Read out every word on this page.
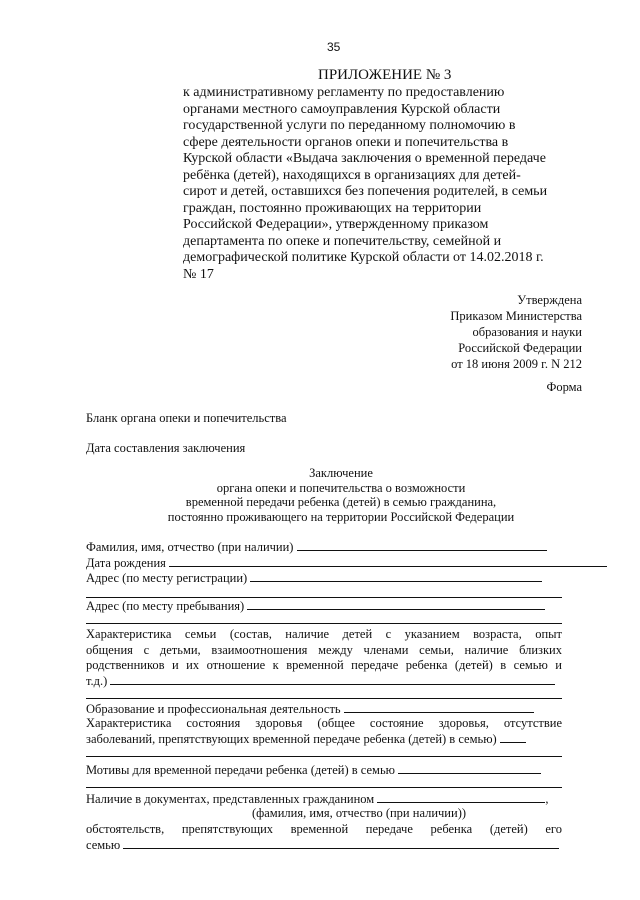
35
ПРИЛОЖЕНИЕ № 3
к административному регламенту по предоставлению
органами местного самоуправления Курской области
государственной услуги по переданному полномочию в
сфере деятельности органов опеки и попечительства в
Курской области «Выдача заключения о временной передаче
ребёнка (детей), находящихся в организациях для детей-
сирот и детей, оставшихся без попечения родителей, в семьи
граждан, постоянно проживающих на территории
Российской Федерации», утвержденному приказом
департамента по опеке и попечительству, семейной и
демографической политике Курской области от 14.02.2018 г.
№ 17
Утверждена
Приказом Министерства
образования и науки
Российской Федерации
от 18 июня 2009 г. N 212
Форма
Бланк органа опеки и попечительства
Дата составления заключения
Заключение
органа опеки и попечительства о возможности
временной передачи ребенка (детей) в семью гражданина,
постоянно проживающего на территории Российской Федерации
Фамилия, имя, отчество (при наличии)
Дата рождения
Адрес (по месту регистрации)
Адрес (по месту пребывания)
Характеристика семьи (состав, наличие детей с указанием возраста, опыт
общения с детьми, взаимоотношения между членами семьи, наличие близких
родственников и их отношение к временной передаче ребенка (детей) в семью и
т.д.)
Образование и профессиональная деятельность
Характеристика состояния здоровья (общее состояние здоровья, отсутствие
заболеваний, препятствующих временной передаче ребенка (детей) в семью)
Мотивы для временной передачи ребенка (детей) в семью
Наличие в документах, представленных гражданином	,
(фамилия, имя, отчество (при наличии))
обстоятельств, препятствующих временной передаче ребенка (детей) его
семью
